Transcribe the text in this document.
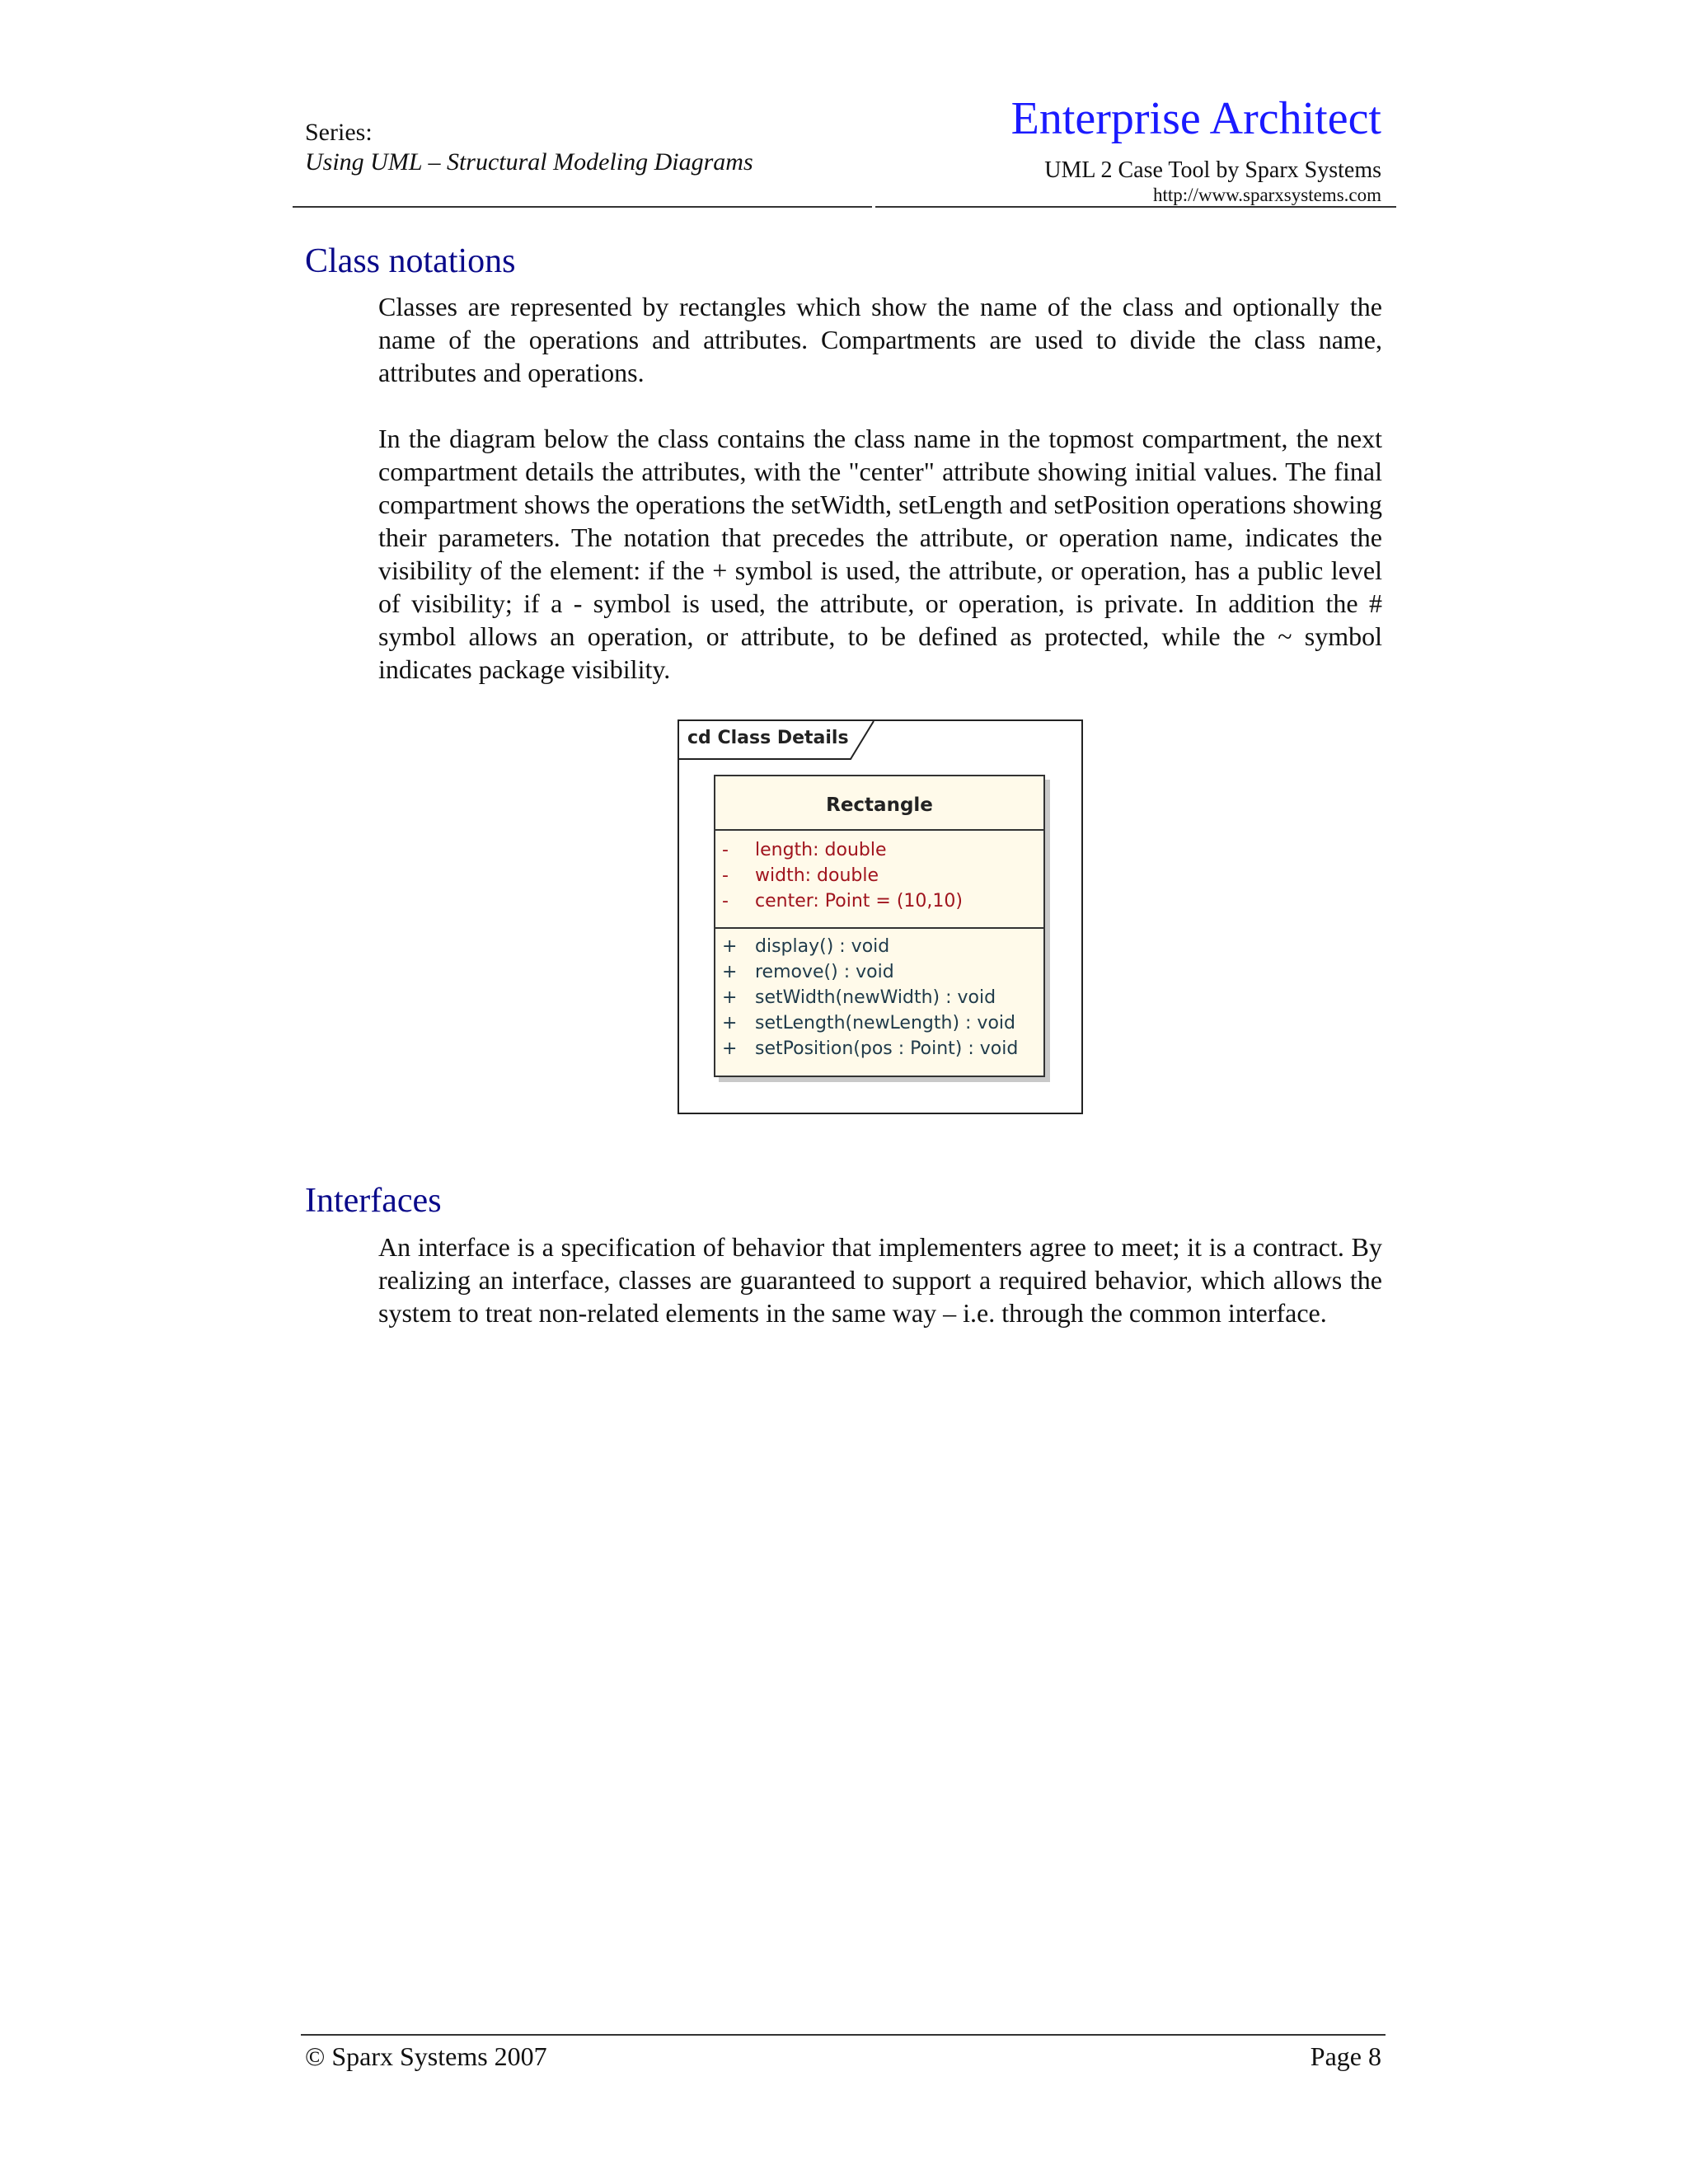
Series:
Using UML – Structural Modeling Diagrams
Enterprise Architect
UML 2 Case Tool by Sparx Systems
http://www.sparxsystems.com
Class notations

Classes are represented by rectangles which show the name of the class and optionally the name of the operations and attributes. Compartments are used to divide the class name, attributes and operations.

In the diagram below the class contains the class name in the topmost compartment, the next compartment details the attributes, with the "center" attribute showing initial values. The final compartment shows the operations the setWidth, setLength and setPosition operations showing their parameters. The notation that precedes the attribute, or operation name, indicates the visibility of the element: if the + symbol is used, the attribute, or operation, has a public level of visibility; if a - symbol is used, the attribute, or operation, is private. In addition the # symbol allows an operation, or attribute, to be defined as protected, while the ~ symbol indicates package visibility.

cd Class Details
Rectangle
- length: double
- width: double
- center: Point = (10,10)
+ display() : void
+ remove() : void
+ setWidth(newWidth) : void
+ setLength(newLength) : void
+ setPosition(pos : Point) : void
Interfaces

An interface is a specification of behavior that implementers agree to meet; it is a contract. By realizing an interface, classes are guaranteed to support a required behavior, which allows the system to treat non-related elements in the same way – i.e. through the common interface.

© Sparx Systems 2007	Page 8
